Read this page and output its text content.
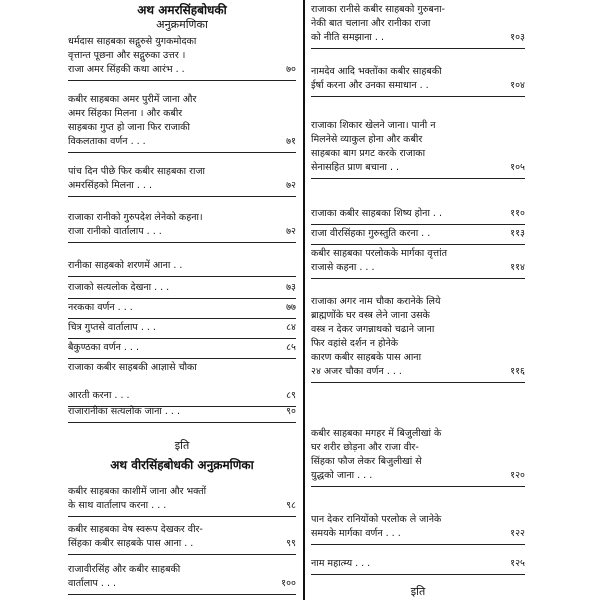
अथ अमरसिंहबोधकी
अनुक्रमणिका
धर्मदास साहबका सद्गुरुसे युगकमोदका
वृत्तान्त पूछना और सद्गुरुका उत्तर ।
राजा अमर सिंहकी कथा आरंभ . .	७०
कबीर साहबका अमर पुरीमें जाना और
अमर सिंहका मिलना । और कबीर
साहबका गुप्त हो जाना फिर राजाकी
विकलताका वर्णन . . .	७१
पांच दिन पीछे फिर कबीर साहबका राजा
अमरसिंहको मिलना . . .	७२
राजाका रानीको गुरुपदेश लेनेको कहना।
राजा रानीको वार्तालाप . . .	७२
रानीका साहबको शरणमें आना . .
राजाको सत्यलोक देखना . . .	७३
नरकका वर्णन . . .	७७
चित्र गुप्तसे वार्तालाप . . .	८४
बैकुण्ठका वर्णन . . .	८५
राजाका कबीर साहबकी आज्ञासे चौका
आरती करना . . .	८९
राजारानीका सत्यलोक जाना . . .	९०
इति
अथ वीरसिंहबोधकी अनुक्रमणिका
कबीर साहबका काशीमें जाना और भक्तों
के साथ वार्तालाप करना . . .	९८
कबीर साहबका वेष स्वरूप देखकर वीर-
सिंहका कबीर साहबके पास आना . .	९९
राजावीरसिंह और कबीर साहबकी
वार्तालाप . . .	१००
राजाका रानीसे कबीर साहबको गुरुबना-
नेकी बात चलाना और रानीका राजा
को नीति समझाना . .	१०३
नामदेव आदि भक्तोंका कबीर साहबकी
ईर्षा करना और उनका समाधान . .	१०४
राजाका शिकार खेलने जाना। पानी न
मिलनेसे व्याकुल होना और कबीर
साहबका बाग प्रगट करके राजाका
सेनासहित प्राण बचाना . .	१०५
राजाका कबीर साहबका शिष्य होना . .	११०
राजा वीरसिंहका गुरुस्तुति करना . .	११३
कबीर साहबका परलोकके मार्गका वृत्तांत
राजासे कहना . . .	११४
राजाका अगर नाम चौका करानेके लिये
ब्राह्मणोंके घर वस्त्र लेने जाना उसके
वस्त्र न देकर जगन्नाथको चढाने जाना
फिर वहांसे दर्शन न होनेके
कारण कबीर साहबके पास आना
२४ अजर चौका वर्णन . . .	११६
कबीर साहबका मगहर में बिजुलीखां के
घर शरीर छोड़ना और राजा वीर-
सिंहका फौज लेकर बिजुलीखां से
युद्धको जाना . . .	१२०
पान देकर रानियोंको परलोक ले जानेके
समयके मार्गका वर्णन . . .	१२२
नाम महात्म्य . . .	१२५
इति
